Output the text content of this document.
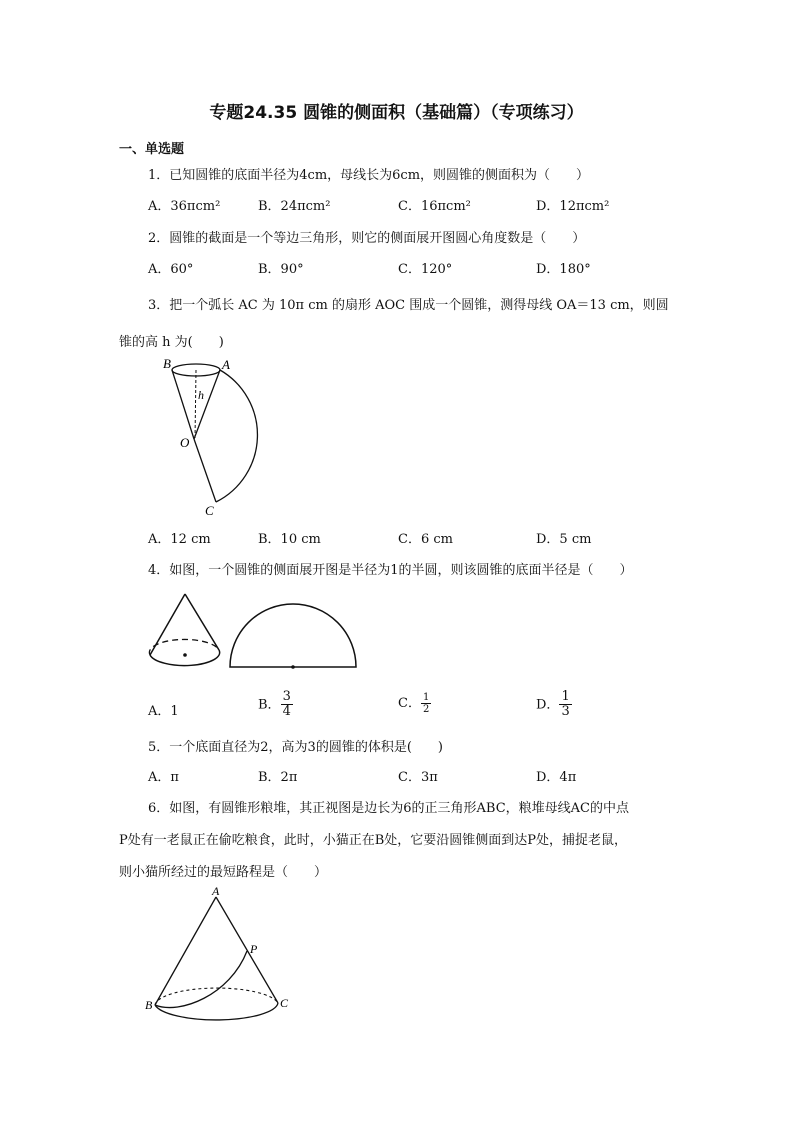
专题24.35 圆锥的侧面积（基础篇）（专项练习）
一、单选题
1．已知圆锥的底面半径为4cm，母线长为6cm，则圆锥的侧面积为（　　）
A．36πcm²	B．24πcm²	C．16πcm²	D．12πcm²
2．圆锥的截面是一个等边三角形，则它的侧面展开图圆心角度数是（　　）
A．60°	B．90°	C．120°	D．180°
3．把一个弧长 AC 为 10π cm 的扇形 AOC 围成一个圆锥，测得母线 OA＝13 cm，则圆
锥的高 h 为(　　)
B	A
h
O
C
A．12 cm	B．10 cm	C．6 cm	D．5 cm
4．如图，一个圆锥的侧面展开图是半径为1的半圆，则该圆锥的底面半径是（　　）
A．1	B． $\frac{3}{4}$	C． $\frac{1}{2}$	D． $\frac{1}{3}$
5．一个底面直径为2，高为3的圆锥的体积是(　　)
A．π	B．2π	C．3π	D．4π
6．如图，有圆锥形粮堆，其正视图是边长为6的正三角形ABC，粮堆母线AC的中点
P处有一老鼠正在偷吃粮食，此时，小猫正在B处，它要沿圆锥侧面到达P处，捕捉老鼠，
则小猫所经过的最短路程是（　　）
A
P
B	C
